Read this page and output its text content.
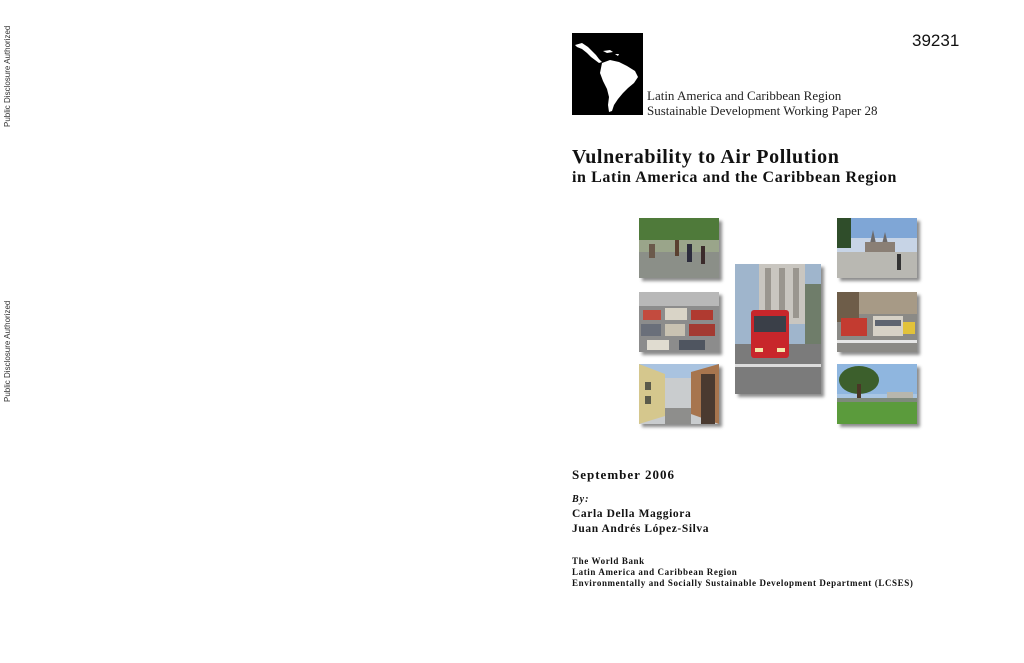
Public Disclosure Authorized
Public Disclosure Authorized
39231
Latin America and Caribbean Region
Sustainable Development Working Paper 28
Vulnerability to Air Pollution
in Latin America and the Caribbean Region
September 2006
By:
Carla Della Maggiora
Juan Andrés López-Silva
The World Bank
Latin America and Caribbean Region
Environmentally and Socially Sustainable Development Department (LCSES)
